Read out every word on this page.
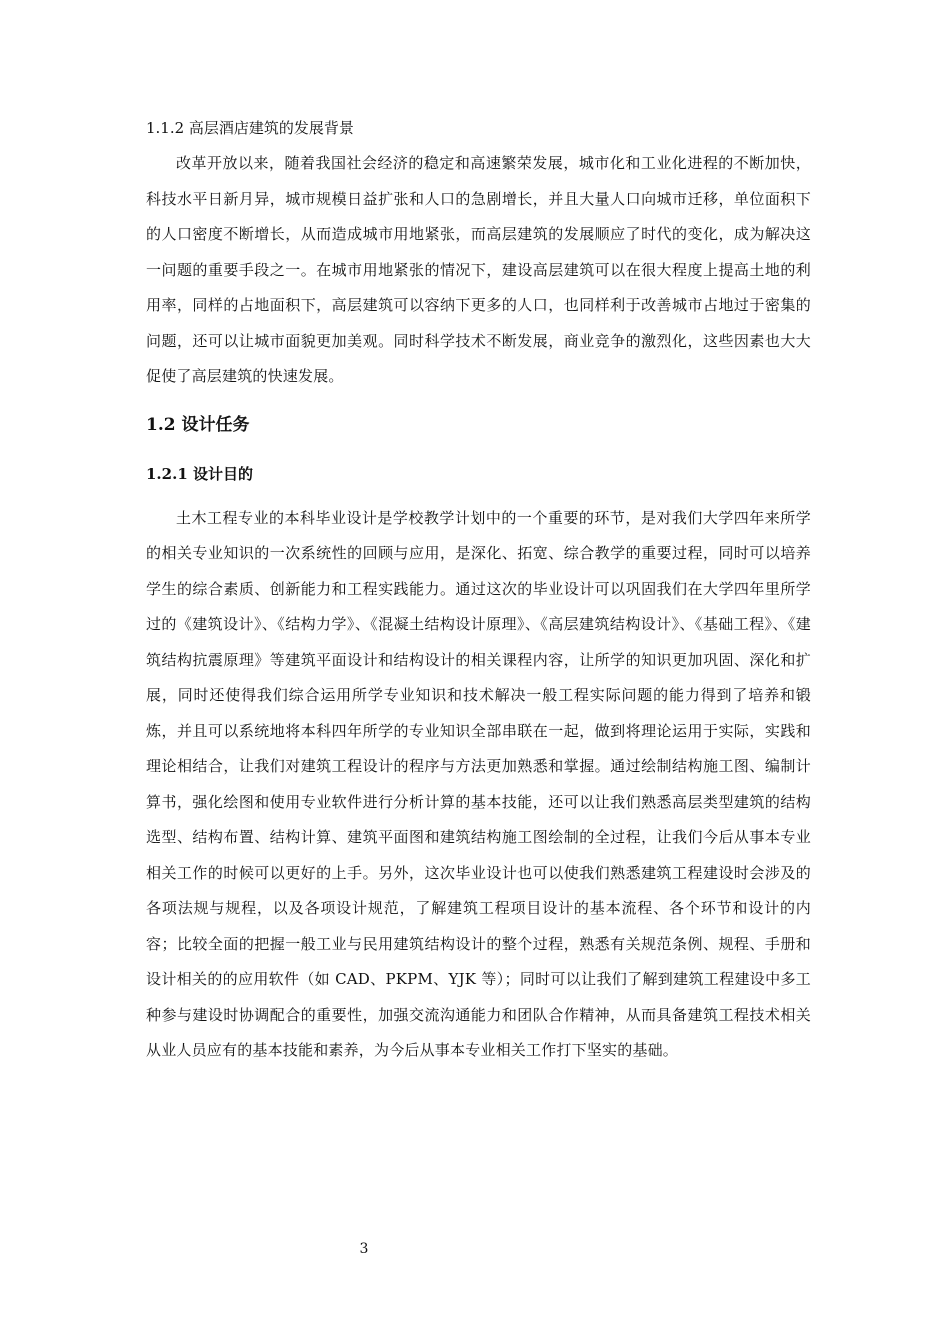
1.1.2 高层酒店建筑的发展背景

改革开放以来，随着我国社会经济的稳定和高速繁荣发展，城市化和工业化进程的不断加快，科技水平日新月异，城市规模日益扩张和人口的急剧增长，并且大量人口向城市迁移，单位面积下的人口密度不断增长，从而造成城市用地紧张，而高层建筑的发展顺应了时代的变化，成为解决这一问题的重要手段之一。在城市用地紧张的情况下，建设高层建筑可以在很大程度上提高土地的利用率，同样的占地面积下，高层建筑可以容纳下更多的人口，也同样利于改善城市占地过于密集的问题，还可以让城市面貌更加美观。同时科学技术不断发展，商业竞争的激烈化，这些因素也大大促使了高层建筑的快速发展。

1.2 设计任务
1.2.1 设计目的

土木工程专业的本科毕业设计是学校教学计划中的一个重要的环节，是对我们大学四年来所学的相关专业知识的一次系统性的回顾与应用，是深化、拓宽、综合教学的重要过程，同时可以培养学生的综合素质、创新能力和工程实践能力。通过这次的毕业设计可以巩固我们在大学四年里所学过的《建筑设计》、《结构力学》、《混凝土结构设计原理》、《高层建筑结构设计》、《基础工程》、《建筑结构抗震原理》等建筑平面设计和结构设计的相关课程内容，让所学的知识更加巩固、深化和扩展，同时还使得我们综合运用所学专业知识和技术解决一般工程实际问题的能力得到了培养和锻炼，并且可以系统地将本科四年所学的专业知识全部串联在一起，做到将理论运用于实际，实践和理论相结合，让我们对建筑工程设计的程序与方法更加熟悉和掌握。通过绘制结构施工图、编制计算书，强化绘图和使用专业软件进行分析计算的基本技能，还可以让我们熟悉高层类型建筑的结构选型、结构布置、结构计算、建筑平面图和建筑结构施工图绘制的全过程，让我们今后从事本专业相关工作的时候可以更好的上手。另外，这次毕业设计也可以使我们熟悉建筑工程建设时会涉及的各项法规与规程，以及各项设计规范，了解建筑工程项目设计的基本流程、各个环节和设计的内容；比较全面的把握一般工业与民用建筑结构设计的整个过程，熟悉有关规范条例、规程、手册和设计相关的的应用软件（如 CAD、PKPM、YJK 等）；同时可以让我们了解到建筑工程建设中多工种参与建设时协调配合的重要性，加强交流沟通能力和团队合作精神，从而具备建筑工程技术相关从业人员应有的基本技能和素养，为今后从事本专业相关工作打下坚实的基础。

3
